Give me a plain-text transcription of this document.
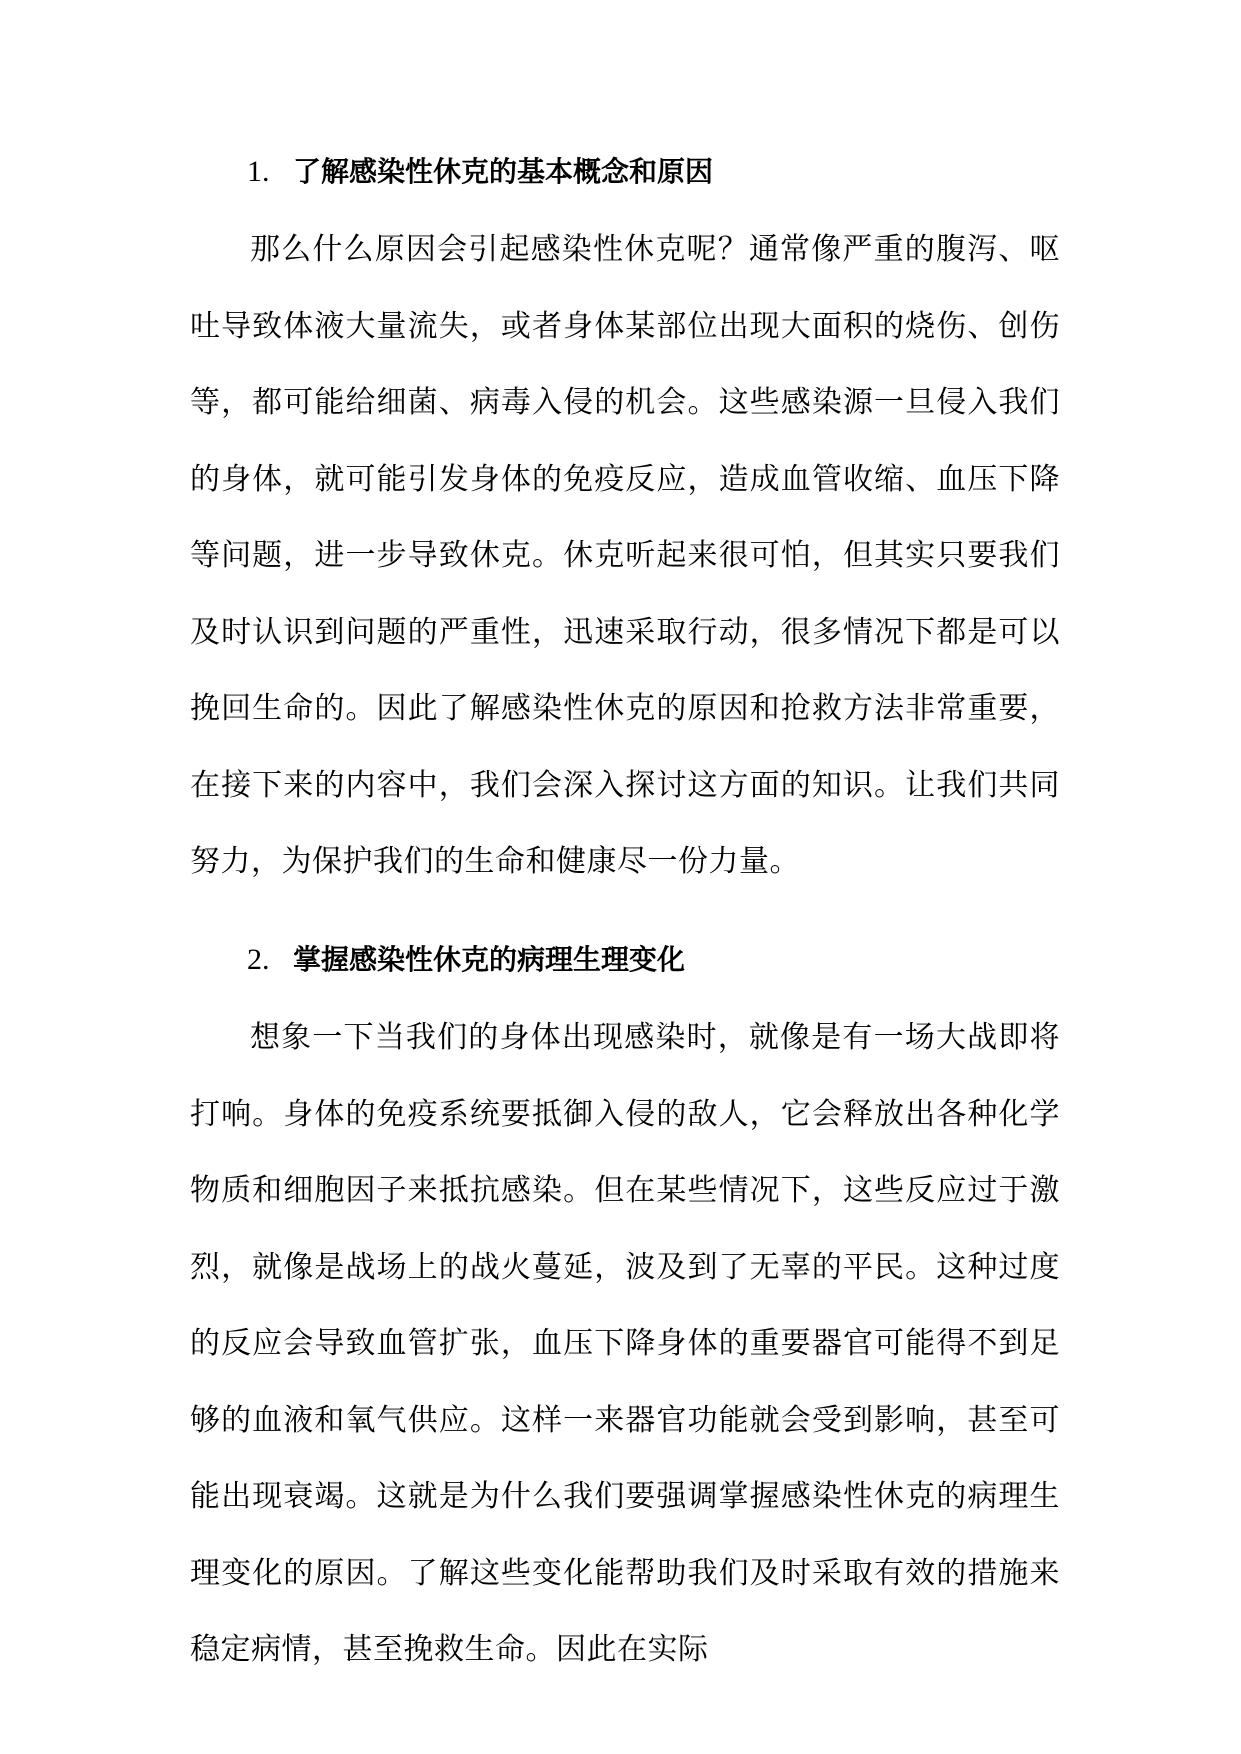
1. 了解感染性休克的基本概念和原因

那么什么原因会引起感染性休克呢？通常像严重的腹泻、呕吐导致体液大量流失，或者身体某部位出现大面积的烧伤、创伤等，都可能给细菌、病毒入侵的机会。这些感染源一旦侵入我们的身体，就可能引发身体的免疫反应，造成血管收缩、血压下降等问题，进一步导致休克。休克听起来很可怕，但其实只要我们及时认识到问题的严重性，迅速采取行动，很多情况下都是可以挽回生命的。因此了解感染性休克的原因和抢救方法非常重要，在接下来的内容中，我们会深入探讨这方面的知识。让我们共同努力，为保护我们的生命和健康尽一份力量。

2. 掌握感染性休克的病理生理变化

想象一下当我们的身体出现感染时，就像是有一场大战即将打响。身体的免疫系统要抵御入侵的敌人，它会释放出各种化学物质和细胞因子来抵抗感染。但在某些情况下，这些反应过于激烈，就像是战场上的战火蔓延，波及到了无辜的平民。这种过度的反应会导致血管扩张，血压下降身体的重要器官可能得不到足够的血液和氧气供应。这样一来器官功能就会受到影响，甚至可能出现衰竭。这就是为什么我们要强调掌握感染性休克的病理生理变化的原因。了解这些变化能帮助我们及时采取有效的措施来稳定病情，甚至挽救生命。因此在实际
